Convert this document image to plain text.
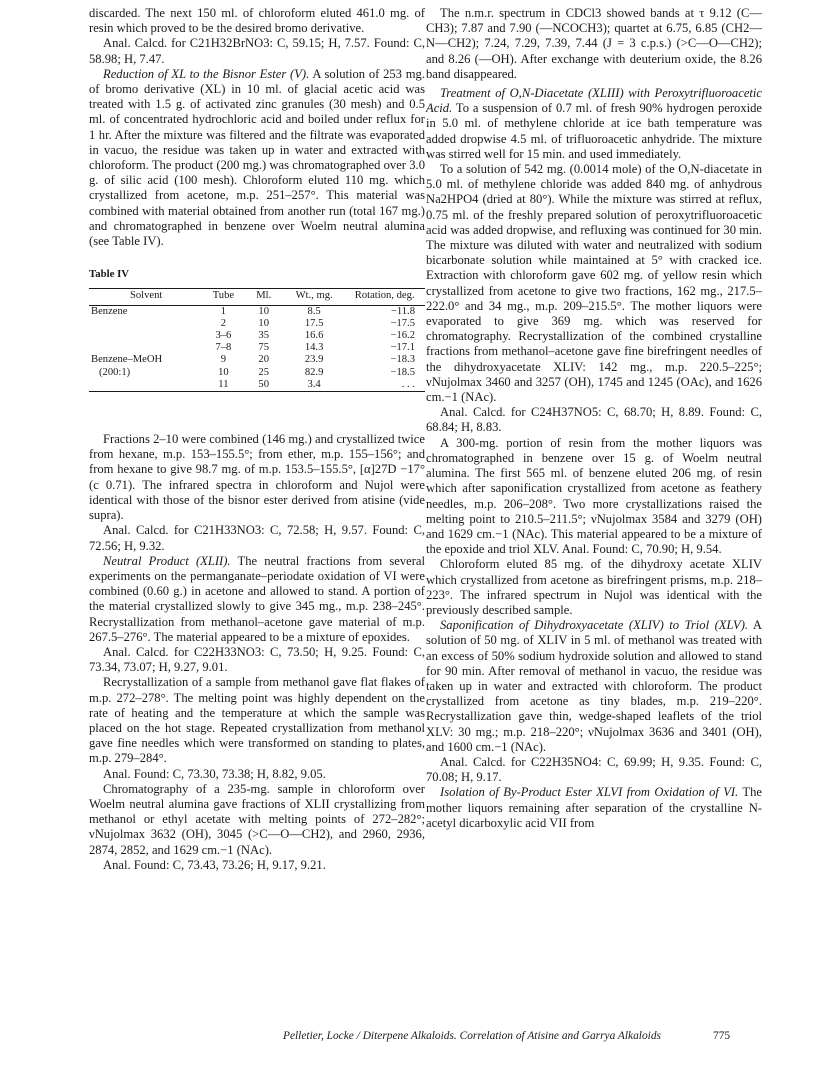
discarded. The next 150 ml. of chloroform eluted 461.0 mg. of resin which proved to be the desired bromo derivative.

Anal. Calcd. for C21H32BrNO3: C, 59.15; H, 7.57. Found: C, 58.98; H, 7.47.

Reduction of XL to the Bisnor Ester (V). A solution of 253 mg. of bromo derivative (XL) in 10 ml. of glacial acetic acid was treated with 1.5 g. of activated zinc granules (30 mesh) and 0.5 ml. of concentrated hydrochloric acid and boiled under reflux for 1 hr. After the mixture was filtered and the filtrate was evaporated in vacuo, the residue was taken up in water and extracted with chloroform. The product (200 mg.) was chromatographed over 3.0 g. of silic acid (100 mesh). Chloroform eluted 110 mg. which crystallized from acetone, m.p. 251–257°. This material was combined with material obtained from another run (total 167 mg.) and chromatographed in benzene over Woelm neutral alumina (see Table IV).

Table IV
Solvent	Tube	Ml.	Wt., mg.	Rotation, deg.

Benzene	1	10	8.5	−11.8
	2	10	17.5	−17.5
	3–6	35	16.6	−16.2
	7–8	75	14.3	−17.1
Benzene–MeOH	9	20	23.9	−18.3
(200:1)	10	25	82.9	−18.5
	11	50	3.4	. . .

Fractions 2–10 were combined (146 mg.) and crystallized twice from hexane, m.p. 153–155.5°; from ether, m.p. 155–156°; and from hexane to give 98.7 mg. of m.p. 153.5–155.5°, [α]27D −17° (c 0.71). The infrared spectra in chloroform and Nujol were identical with those of the bisnor ester derived from atisine (vide supra).

Anal. Calcd. for C21H33NO3: C, 72.58; H, 9.57. Found: C, 72.56; H, 9.32.

Neutral Product (XLII). The neutral fractions from several experiments on the permanganate–periodate oxidation of VI were combined (0.60 g.) in acetone and allowed to stand. A portion of the material crystallized slowly to give 345 mg., m.p. 238–245°. Recrystallization from methanol–acetone gave material of m.p. 267.5–276°. The material appeared to be a mixture of epoxides.

Anal. Calcd. for C22H33NO3: C, 73.50; H, 9.25. Found: C, 73.34, 73.07; H, 9.27, 9.01.

Recrystallization of a sample from methanol gave flat flakes of m.p. 272–278°. The melting point was highly dependent on the rate of heating and the temperature at which the sample was placed on the hot stage. Repeated crystallization from methanol gave fine needles which were transformed on standing to plates, m.p. 279–284°.

Anal. Found: C, 73.30, 73.38; H, 8.82, 9.05.

Chromatography of a 235-mg. sample in chloroform over Woelm neutral alumina gave fractions of XLII crystallizing from methanol or ethyl acetate with melting points of 272–282°; νNujolmax 3632 (OH), 3045 (>C—O—CH2), and 2960, 2936, 2874, 2852, and 1629 cm.−1 (NAc).

Anal. Found: C, 73.43, 73.26; H, 9.17, 9.21.

The n.m.r. spectrum in CDCl3 showed bands at τ 9.12 (C—CH3); 7.87 and 7.90 (—NCOCH3); quartet at 6.75, 6.85 (CH2—N—CH2); 7.24, 7.29, 7.39, 7.44 (J = 3 c.p.s.) (>C—O—CH2); and 8.26 (—OH). After exchange with deuterium oxide, the 8.26 band disappeared.

Treatment of O,N-Diacetate (XLIII) with Peroxytrifluoroacetic Acid. To a suspension of 0.7 ml. of fresh 90% hydrogen peroxide in 5.0 ml. of methylene chloride at ice bath temperature was added dropwise 4.5 ml. of trifluoroacetic anhydride. The mixture was stirred well for 15 min. and used immediately.

To a solution of 542 mg. (0.0014 mole) of the O,N-diacetate in 5.0 ml. of methylene chloride was added 840 mg. of anhydrous Na2HPO4 (dried at 80°). While the mixture was stirred at reflux, 0.75 ml. of the freshly prepared solution of peroxytrifluoroacetic acid was added dropwise, and refluxing was continued for 30 min. The mixture was diluted with water and neutralized with sodium bicarbonate solution while maintained at 5° with cracked ice. Extraction with chloroform gave 602 mg. of yellow resin which crystallized from acetone to give two fractions, 162 mg., 217.5–222.0° and 34 mg., m.p. 209–215.5°. The mother liquors were evaporated to give 369 mg. which was reserved for chromatography. Recrystallization of the combined crystalline fractions from methanol–acetone gave fine birefringent needles of the dihydroxyacetate XLIV: 142 mg., m.p. 220.5–225°; νNujolmax 3460 and 3257 (OH), 1745 and 1245 (OAc), and 1626 cm.−1 (NAc).

Anal. Calcd. for C24H37NO5: C, 68.70; H, 8.89. Found: C, 68.84; H, 8.83.

A 300-mg. portion of resin from the mother liquors was chromatographed in benzene over 15 g. of Woelm neutral alumina. The first 565 ml. of benzene eluted 206 mg. of resin which after saponification crystallized from acetone as feathery needles, m.p. 206–208°. Two more crystallizations raised the melting point to 210.5–211.5°; νNujolmax 3584 and 3279 (OH) and 1629 cm.−1 (NAc). This material appeared to be a mixture of the epoxide and triol XLV. Anal. Found: C, 70.90; H, 9.54.

Chloroform eluted 85 mg. of the dihydroxy acetate XLIV which crystallized from acetone as birefringent prisms, m.p. 218–223°. The infrared spectrum in Nujol was identical with the previously described sample.

Saponification of Dihydroxyacetate (XLIV) to Triol (XLV). A solution of 50 mg. of XLIV in 5 ml. of methanol was treated with an excess of 50% sodium hydroxide solution and allowed to stand for 90 min. After removal of methanol in vacuo, the residue was taken up in water and extracted with chloroform. The product crystallized from acetone as tiny blades, m.p. 219–220°. Recrystallization gave thin, wedge-shaped leaflets of the triol XLV: 30 mg.; m.p. 218–220°; νNujolmax 3636 and 3401 (OH), and 1600 cm.−1 (NAc).

Anal. Calcd. for C22H35NO4: C, 69.99; H, 9.35. Found: C, 70.08; H, 9.17.

Isolation of By-Product Ester XLVI from Oxidation of VI. The mother liquors remaining after separation of the crystalline N-acetyl dicarboxylic acid VII from

Pelletier, Locke / Diterpene Alkaloids. Correlation of Atisine and Garrya Alkaloids	775
